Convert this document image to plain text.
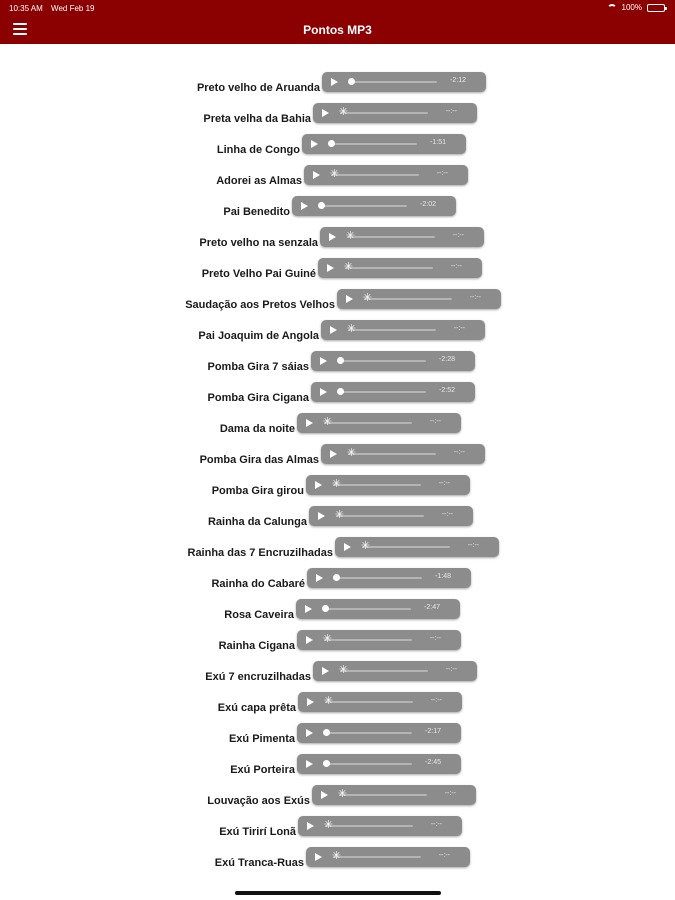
10:35 AM Wed Feb 19	100%
Pontos MP3
Preto velho de Aruanda
-2:12
Preta velha da Bahia
✳	--:--
Linha de Congo
-1:51
Adorei as Almas
✳	--:--
Pai Benedito
-2:02
Preto velho na senzala
✳	--:--
Preto Velho Pai Guiné
✳	--:--
Saudação aos Pretos Velhos
✳	--:--
Pai Joaquim de Angola
✳	--:--
Pomba Gira 7 sáias
-2:28
Pomba Gira Cigana
-2:52
Dama da noite
✳	--:--
Pomba Gira das Almas
✳	--:--
Pomba Gira girou
✳	--:--
Rainha da Calunga
✳	--:--
Rainha das 7 Encruzilhadas
✳	--:--
Rainha do Cabaré
-1:48
Rosa Caveira
-2:47
Rainha Cigana
✳	--:--
Exú 7 encruzilhadas
✳	--:--
Exú capa prêta
✳	--:--
Exú Pimenta
-2:17
Exú Porteira
-2:45
Louvação aos Exús
✳	--:--
Exú Tirirí Lonã
✳	--:--
Exú Tranca-Ruas
✳	--:--
